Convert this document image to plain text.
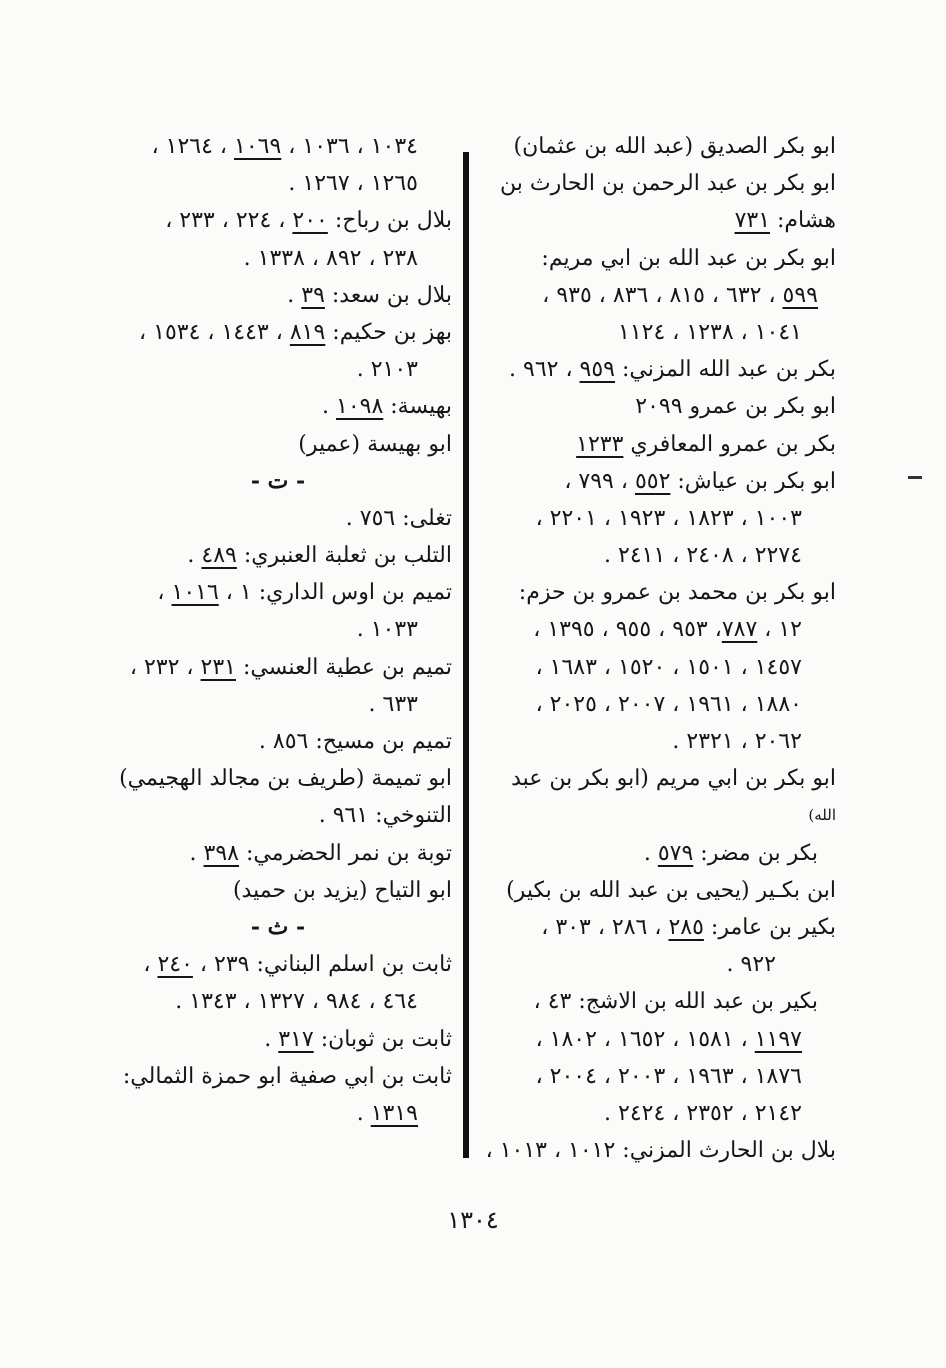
ابو بكر الصديق (عبد الله بن عثمان)
ابو بكر بن عبد الرحمن بن الحارث بن
هشام: ٧٣١
ابو بكر بن عبد الله بن ابي مريم:
٥٩٩ ، ٦٣٢ ، ٨١٥ ، ٨٣٦ ، ٩٣٥ ،
١٠٤١ ، ١٢٣٨ ، ١١٢٤
بكر بن عبد الله المزني: ٩٥٩ ، ٩٦٢ .
ابو بكر بن عمرو ٢٠٩٩
بكر بن عمرو المعافري ١٢٣٣
ابو بكر بن عياش: ٥٥٢ ، ٧٩٩ ،
١٠٠٣ ، ١٨٢٣ ، ١٩٢٣ ، ٢٢٠١ ،
٢٢٧٤ ، ٢٤٠٨ ، ٢٤١١ .
ابو بكر بن محمد بن عمرو بن حزم:
١٢ ، ٧٨٧، ٩٥٣ ، ٩٥٥ ، ١٣٩٥ ،
١٤٥٧ ، ١٥٠١ ، ١٥٢٠ ، ١٦٨٣ ،
١٨٨٠ ، ١٩٦١ ، ٢٠٠٧ ، ٢٠٢٥ ،
٢٠٦٢ ، ٢٣٢١ .
ابو بكر بن ابي مريم (ابو بكر بن عبد
الله)
بكر بن مضر: ٥٧٩ .
ابن بكـير (يحيى بن عبد الله بن بكير)
بكير بن عامر: ٢٨٥ ، ٢٨٦ ، ٣٠٣ ،
٩٢٢ .
بكير بن عبد الله بن الاشج: ٤٣ ،
١١٩٧ ، ١٥٨١ ، ١٦٥٢ ، ١٨٠٢ ،
١٨٧٦ ، ١٩٦٣ ، ٢٠٠٣ ، ٢٠٠٤ ،
٢١٤٢ ، ٢٣٥٢ ، ٢٤٢٤ .
بلال بن الحارث المزني: ١٠١٢ ، ١٠١٣ ،
١٠٣٤ ، ١٠٣٦ ، ١٠٦٩ ، ١٢٦٤ ،
١٢٦٥ ، ١٢٦٧ .
بلال بن رباح: ٢٠٠ ، ٢٢٤ ، ٢٣٣ ،
٢٣٨ ، ٨٩٢ ، ١٣٣٨ .
بلال بن سعد: ٣٩ .
بهز بن حكيم: ٨١٩ ، ١٤٤٣ ، ١٥٣٤ ،
٢١٠٣ .
بهيسة: ١٠٩٨ .
ابو بهيسة (عمير)
- ت -
تغلى: ٧٥٦ .
التلب بن ثعلبة العنبري: ٤٨٩ .
تميم بن اوس الداري: ١ ، ١٠١٦ ،
١٠٣٣ .
تميم بن عطية العنسي: ٢٣١ ، ٢٣٢ ،
٦٣٣ .
تميم بن مسيح: ٨٥٦ .
ابو تميمة (طريف بن مجالد الهجيمي)
التنوخي: ٩٦١ .
توبة بن نمر الحضرمي: ٣٩٨ .
ابو التياح (يزيد بن حميد)
- ث -
ثابت بن اسلم البناني: ٢٣٩ ، ٢٤٠ ،
٤٦٤ ، ٩٨٤ ، ١٣٢٧ ، ١٣٤٣ .
ثابت بن ثوبان: ٣١٧ .
ثابت بن ابي صفية ابو حمزة الثمالي:
١٣١٩ .
١٣٠٤
